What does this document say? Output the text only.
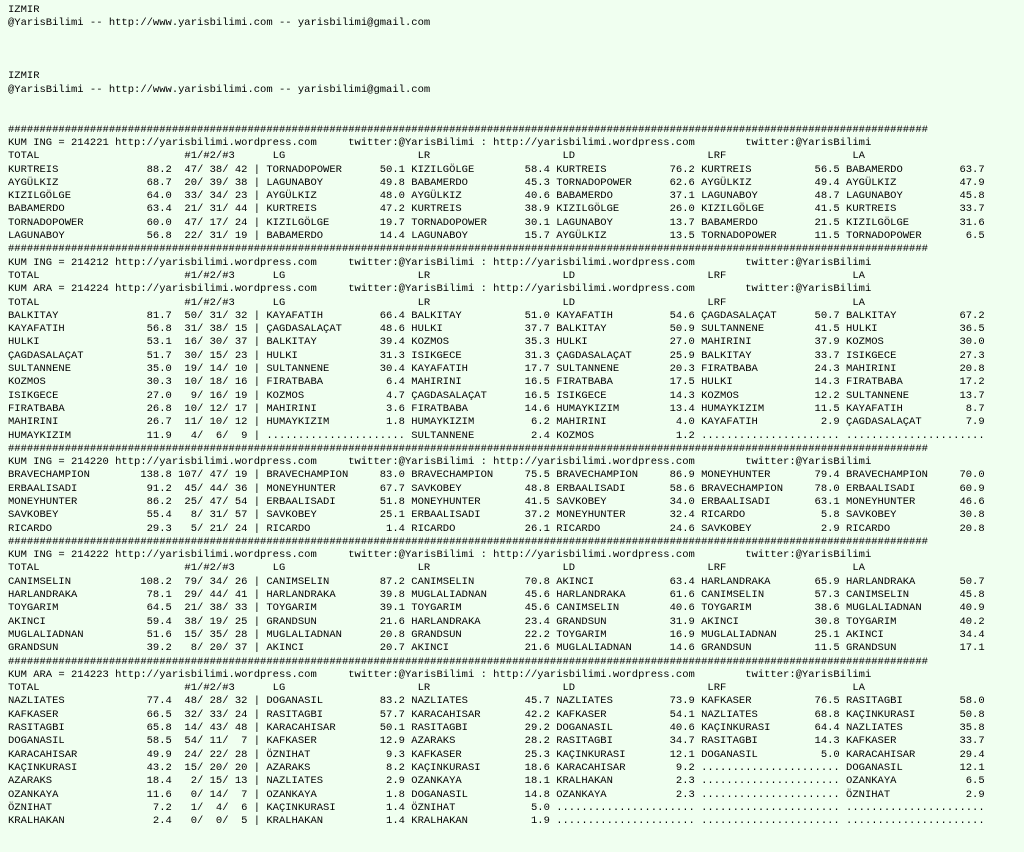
IZMIR
@YarisBilimi -- http://www.yarisbilimi.com -- yarisbilimi@gmail.com
IZMIR
@YarisBilimi -- http://www.yarisbilimi.com -- yarisbilimi@gmail.com
##################################################################################################################################################
KUM ING = 214221 http://yarisbilimi.wordpress.com     twitter:@YarisBilimi : http://yarisbilimi.wordpress.com        twitter:@YarisBilimi
TOTAL                       #1/#2/#3      LG                     LR                     LD                     LRF                    LA
KURTREIS              88.2  47/ 38/ 42 | TORNADOPOWER      50.1 KIZILGÖLGE        58.4 KURTREIS          76.2 KURTREIS          56.5 BABAMERDO         63.7
AYGÜLKIZ              68.7  20/ 39/ 38 | LAGUNABOY         49.8 BABAMERDO         45.3 TORNADOPOWER      62.6 AYGÜLKIZ          49.4 AYGÜLKIZ          47.9
KIZILGÖLGE            64.0  33/ 34/ 23 | AYGÜLKIZ          48.0 AYGÜLKIZ          40.6 BABAMERDO         37.1 LAGUNABOY         48.7 LAGUNABOY         45.8
BABAMERDO             63.4  21/ 31/ 44 | KURTREIS          47.2 KURTREIS          38.9 KIZILGÖLGE        26.0 KIZILGÖLGE        41.5 KURTREIS          33.7
TORNADOPOWER          60.0  47/ 17/ 24 | KIZILGÖLGE        19.7 TORNADOPOWER      30.1 LAGUNABOY         13.7 BABAMERDO         21.5 KIZILGÖLGE        31.6
LAGUNABOY             56.8  22/ 31/ 19 | BABAMERDO         14.4 LAGUNABOY         15.7 AYGÜLKIZ          13.5 TORNADOPOWER      11.5 TORNADOPOWER       6.5
##################################################################################################################################################
KUM ING = 214212 http://yarisbilimi.wordpress.com     twitter:@YarisBilimi : http://yarisbilimi.wordpress.com        twitter:@YarisBilimi
TOTAL                       #1/#2/#3      LG                     LR                     LD                     LRF                    LA
KUM ARA = 214224 http://yarisbilimi.wordpress.com     twitter:@YarisBilimi : http://yarisbilimi.wordpress.com        twitter:@YarisBilimi
TOTAL                       #1/#2/#3      LG                     LR                     LD                     LRF                    LA
BALKITAY              81.7  50/ 31/ 32 | KAYAFATIH         66.4 BALKITAY          51.0 KAYAFATIH         54.6 ÇAGDASALAÇAT      50.7 BALKITAY          67.2
KAYAFATIH             56.8  31/ 38/ 15 | ÇAGDASALAÇAT      48.6 HULKI             37.7 BALKITAY          50.9 SULTANNENE        41.5 HULKI             36.5
HULKI                 53.1  16/ 30/ 37 | BALKITAY          39.4 KOZMOS            35.3 HULKI             27.0 MAHIRINI          37.9 KOZMOS            30.0
ÇAGDASALAÇAT          51.7  30/ 15/ 23 | HULKI             31.3 ISIKGECE          31.3 ÇAGDASALAÇAT      25.9 BALKITAY          33.7 ISIKGECE          27.3
SULTANNENE            35.0  19/ 14/ 10 | SULTANNENE        30.4 KAYAFATIH         17.7 SULTANNENE        20.3 FIRATBABA         24.3 MAHIRINI          20.8
KOZMOS                30.3  10/ 18/ 16 | FIRATBABA          6.4 MAHIRINI          16.5 FIRATBABA         17.5 HULKI             14.3 FIRATBABA         17.2
ISIKGECE              27.0   9/ 16/ 19 | KOZMOS             4.7 ÇAGDASALAÇAT      16.5 ISIKGECE          14.3 KOZMOS            12.2 SULTANNENE        13.7
FIRATBABA             26.8  10/ 12/ 17 | MAHIRINI           3.6 FIRATBABA         14.6 HUMAYKIZIM        13.4 HUMAYKIZIM        11.5 KAYAFATIH          8.7
MAHIRINI              26.7  11/ 10/ 12 | HUMAYKIZIM         1.8 HUMAYKIZIM         6.2 MAHIRINI           4.0 KAYAFATIH          2.9 ÇAGDASALAÇAT       7.9
HUMAYKIZIM            11.9   4/  6/  9 | ...................... SULTANNENE         2.4 KOZMOS             1.2 ...................... ......................
##################################################################################################################################################
KUM ING = 214220 http://yarisbilimi.wordpress.com     twitter:@YarisBilimi : http://yarisbilimi.wordpress.com        twitter:@YarisBilimi
BRAVECHAMPION        138.8 107/ 47/ 19 | BRAVECHAMPION     83.0 BRAVECHAMPION     75.5 BRAVECHAMPION     86.9 MONEYHUNTER       79.4 BRAVECHAMPION     70.0
ERBAALISADI           91.2  45/ 44/ 36 | MONEYHUNTER       67.7 SAVKOBEY          48.8 ERBAALISADI       58.6 BRAVECHAMPION     78.0 ERBAALISADI       60.9
MONEYHUNTER           86.2  25/ 47/ 54 | ERBAALISADI       51.8 MONEYHUNTER       41.5 SAVKOBEY          34.0 ERBAALISADI       63.1 MONEYHUNTER       46.6
SAVKOBEY              55.4   8/ 31/ 57 | SAVKOBEY          25.1 ERBAALISADI       37.2 MONEYHUNTER       32.4 RICARDO            5.8 SAVKOBEY          30.8
RICARDO               29.3   5/ 21/ 24 | RICARDO            1.4 RICARDO           26.1 RICARDO           24.6 SAVKOBEY           2.9 RICARDO           20.8
##################################################################################################################################################
KUM ING = 214222 http://yarisbilimi.wordpress.com     twitter:@YarisBilimi : http://yarisbilimi.wordpress.com        twitter:@YarisBilimi
TOTAL                       #1/#2/#3      LG                     LR                     LD                     LRF                    LA
CANIMSELIN           108.2  79/ 34/ 26 | CANIMSELIN        87.2 CANIMSELIN        70.8 AKINCI            63.4 HARLANDRAKA       65.9 HARLANDRAKA       50.7
HARLANDRAKA           78.1  29/ 44/ 41 | HARLANDRAKA       39.8 MUGLALIADNAN      45.6 HARLANDRAKA       61.6 CANIMSELIN        57.3 CANIMSELIN        45.8
TOYGARIM              64.5  21/ 38/ 33 | TOYGARIM          39.1 TOYGARIM          45.6 CANIMSELIN        40.6 TOYGARIM          38.6 MUGLALIADNAN      40.9
AKINCI                59.4  38/ 19/ 25 | GRANDSUN          21.6 HARLANDRAKA       23.4 GRANDSUN          31.9 AKINCI            30.8 TOYGARIM          40.2
MUGLALIADNAN          51.6  15/ 35/ 28 | MUGLALIADNAN      20.8 GRANDSUN          22.2 TOYGARIM          16.9 MUGLALIADNAN      25.1 AKINCI            34.4
GRANDSUN              39.2   8/ 20/ 37 | AKINCI            20.7 AKINCI            21.6 MUGLALIADNAN      14.6 GRANDSUN          11.5 GRANDSUN          17.1
##################################################################################################################################################
KUM ARA = 214223 http://yarisbilimi.wordpress.com     twitter:@YarisBilimi : http://yarisbilimi.wordpress.com        twitter:@YarisBilimi
TOTAL                       #1/#2/#3      LG                     LR                     LD                     LRF                    LA
NAZLIATES             77.4  48/ 28/ 32 | DOGANASIL         83.2 NAZLIATES         45.7 NAZLIATES         73.9 KAFKASER          76.5 RASITAGBI         58.0
KAFKASER              66.5  32/ 33/ 24 | RASITAGBI         57.7 KARACAHISAR       42.2 KAFKASER          54.1 NAZLIATES         68.8 KAÇINKURASI       50.8
RASITAGBI             65.8  14/ 43/ 48 | KARACAHISAR       50.1 RASITAGBI         29.2 DOGANASIL         40.6 KAÇINKURASI       64.4 NAZLIATES         35.8
DOGANASIL             58.5  54/ 11/  7 | KAFKASER          12.9 AZARAKS           28.2 RASITAGBI         34.7 RASITAGBI         14.3 KAFKASER          33.7
KARACAHISAR           49.9  24/ 22/ 28 | ÖZNIHAT            9.3 KAFKASER          25.3 KAÇINKURASI       12.1 DOGANASIL          5.0 KARACAHISAR       29.4
KAÇINKURASI           43.2  15/ 20/ 20 | AZARAKS            8.2 KAÇINKURASI       18.6 KARACAHISAR        9.2 ...................... DOGANASIL         12.1
AZARAKS               18.4   2/ 15/ 13 | NAZLIATES          2.9 OZANKAYA          18.1 KRALHAKAN          2.3 ...................... OZANKAYA           6.5
OZANKAYA              11.6   0/ 14/  7 | OZANKAYA           1.8 DOGANASIL         14.8 OZANKAYA           2.3 ...................... ÖZNIHAT            2.9
ÖZNIHAT                7.2   1/  4/  6 | KAÇINKURASI        1.4 ÖZNIHAT            5.0 ...................... ...................... ......................
KRALHAKAN              2.4   0/  0/  5 | KRALHAKAN          1.4 KRALHAKAN          1.9 ...................... ...................... ......................
